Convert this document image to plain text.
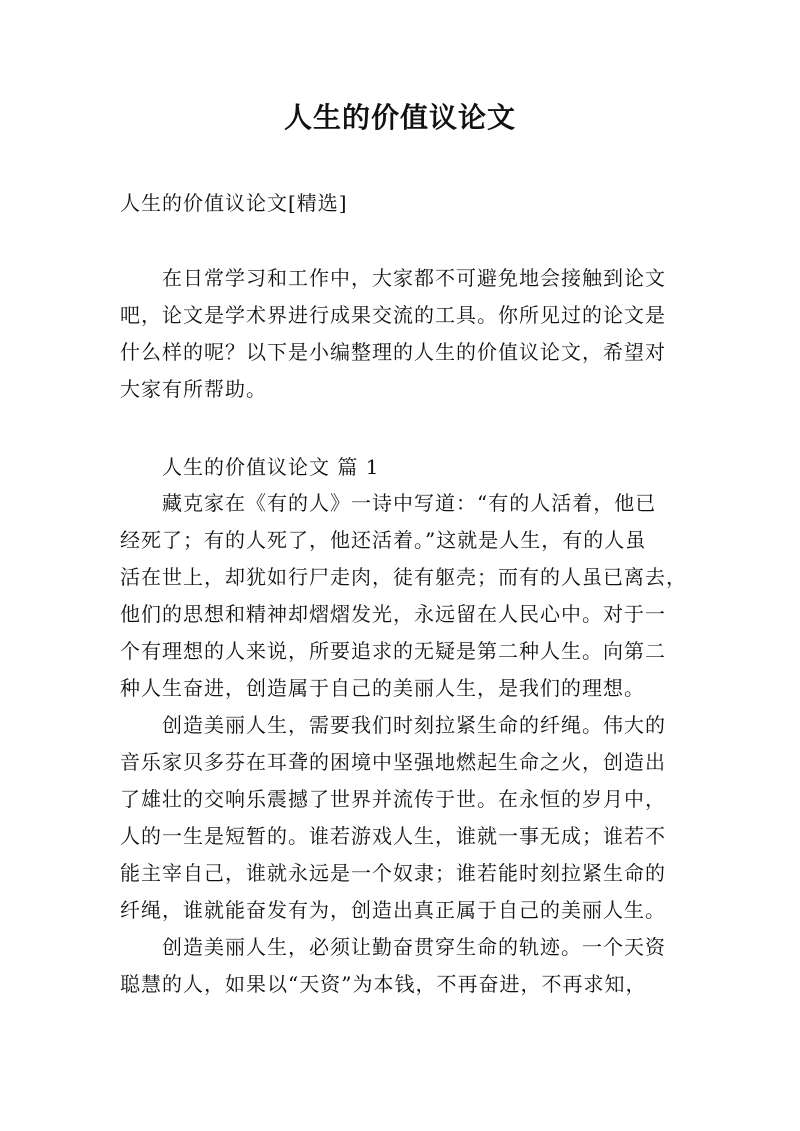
人生的价值议论文
人生的价值议论文[精选]
在日常学习和工作中，大家都不可避免地会接触到论文
吧，论文是学术界进行成果交流的工具。你所见过的论文是
什么样的呢？以下是小编整理的人生的价值议论文，希望对
大家有所帮助。
人生的价值议论文 篇 1
藏克家在《有的人》一诗中写道：“有的人活着，他已
经死了；有的人死了，他还活着。”这就是人生，有的人虽
活在世上，却犹如行尸走肉，徒有躯壳；而有的人虽已离去，
他们的思想和精神却熠熠发光，永远留在人民心中。对于一
个有理想的人来说，所要追求的无疑是第二种人生。向第二
种人生奋进，创造属于自己的美丽人生，是我们的理想。
创造美丽人生，需要我们时刻拉紧生命的纤绳。伟大的
音乐家贝多芬在耳聋的困境中坚强地燃起生命之火，创造出
了雄壮的交响乐震撼了世界并流传于世。在永恒的岁月中，
人的一生是短暂的。谁若游戏人生，谁就一事无成；谁若不
能主宰自己，谁就永远是一个奴隶；谁若能时刻拉紧生命的
纤绳，谁就能奋发有为，创造出真正属于自己的美丽人生。
创造美丽人生，必须让勤奋贯穿生命的轨迹。一个天资
聪慧的人，如果以“天资”为本钱，不再奋进，不再求知，
